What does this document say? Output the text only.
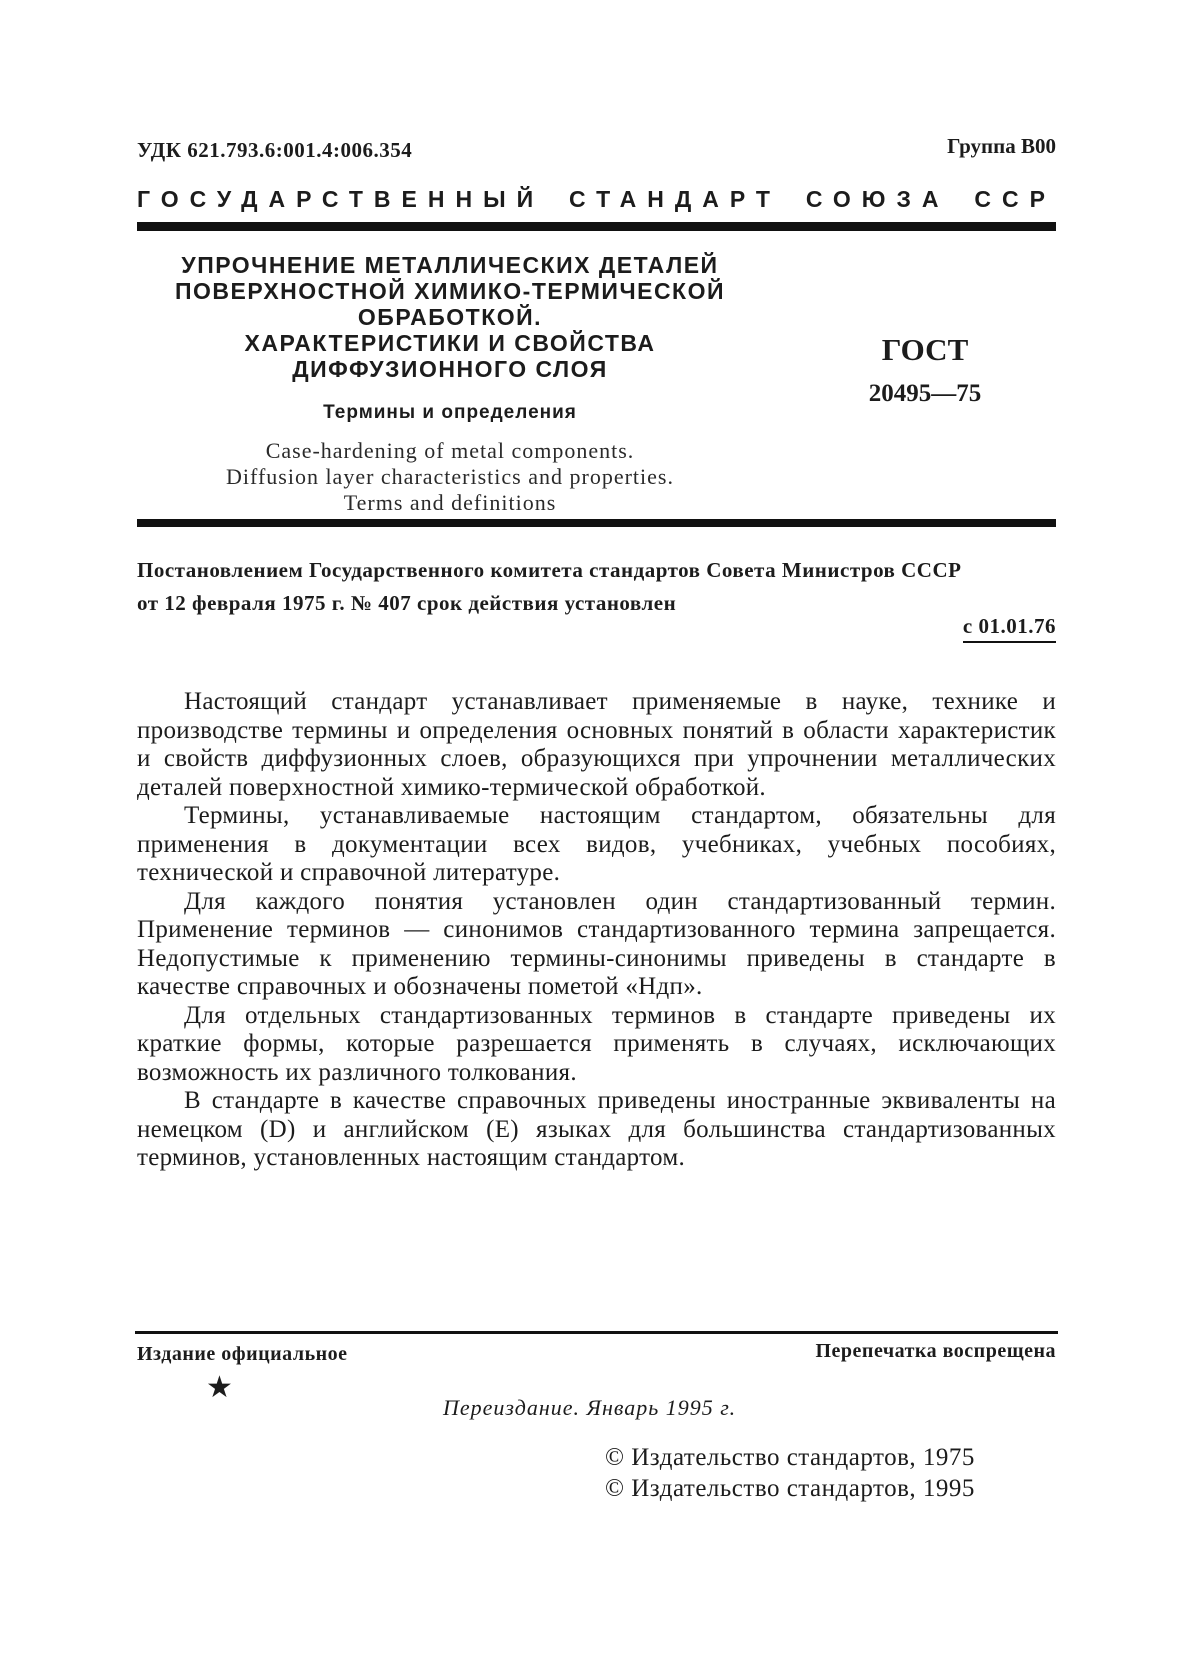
УДК 621.793.6:001.4:006.354	Группа В00
ГОСУДАРСТВЕННЫЙ СТАНДАРТ СОЮЗА ССР
УПРОЧНЕНИЕ МЕТАЛЛИЧЕСКИХ ДЕТАЛЕЙ
ПОВЕРХНОСТНОЙ ХИМИКО-ТЕРМИЧЕСКОЙ
ОБРАБОТКОЙ.
ХАРАКТЕРИСТИКИ И СВОЙСТВА
ДИФФУЗИОННОГО СЛОЯ
Термины и определения
Case-hardening of metal components.
Diffusion layer characteristics and properties.
Terms and definitions
ГОСТ
20495—75
Постановлением Государственного комитета стандартов Совета Министров СССР
от 12 февраля 1975 г. № 407 срок действия установлен
с 01.01.76

Настоящий стандарт устанавливает применяемые в науке, технике и производстве термины и определения основных понятий в области характеристик и свойств диффузионных слоев, образующихся при упрочнении металлических деталей поверхностной химико-термической обработкой.

Термины, устанавливаемые настоящим стандартом, обязательны для применения в документации всех видов, учебниках, учебных пособиях, технической и справочной литературе.

Для каждого понятия установлен один стандартизованный термин. Применение терминов — синонимов стандартизованного термина запрещается. Недопустимые к применению термины-синонимы приведены в стандарте в качестве справочных и обозначены пометой «Ндп».

Для отдельных стандартизованных терминов в стандарте приведены их краткие формы, которые разрешается применять в случаях, исключающих возможность их различного толкования.

В стандарте в качестве справочных приведены иностранные эквиваленты на немецком (D) и английском (E) языках для большинства стандартизованных терминов, установленных настоящим стандартом.

Издание официальное	Перепечатка воспрещена
★
Переиздание. Январь 1995 г.
© Издательство стандартов, 1975
© Издательство стандартов, 1995
